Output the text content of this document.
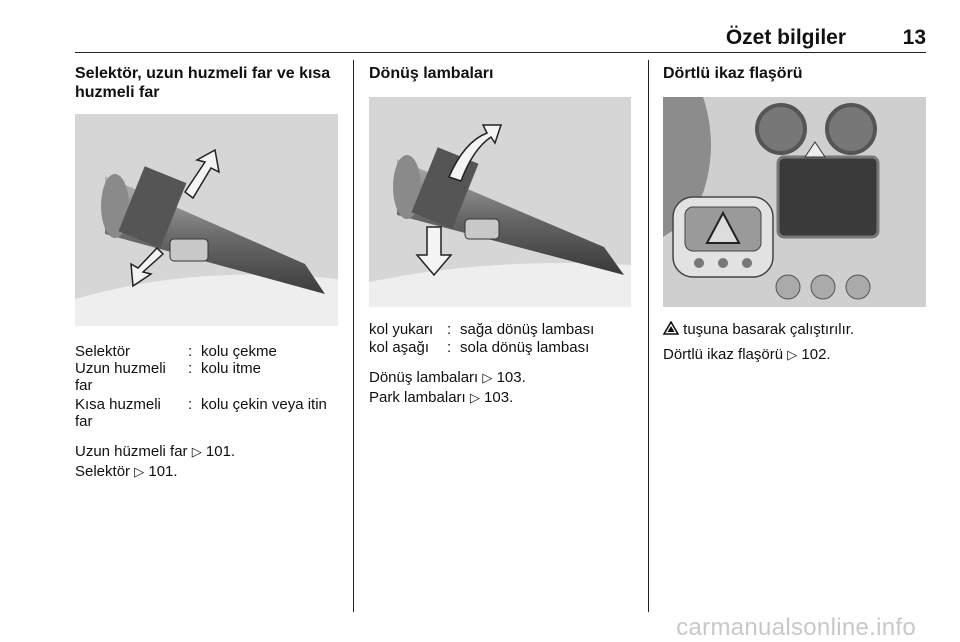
Özet bilgiler	13
Selektör, uzun huzmeli far ve kısa
huzmeli far
Selektör	: kolu çekme
Uzun huzmeli
far
: kolu itme
Kısa huzmeli
far
: kolu çekin veya itin
Uzun hüzmeli far ▷ 101.
Selektör ▷ 101.
Dönüş lambaları
kol yukarı : sağa dönüş lambası
kol aşağı : sola dönüş lambası
Dönüş lambaları ▷ 103.
Park lambaları ▷ 103.
Dörtlü ikaz flaşörü
tuşuna basarak çalıştırılır.
Dörtlü ikaz flaşörü ▷ 102.
carmanualsonline.info
